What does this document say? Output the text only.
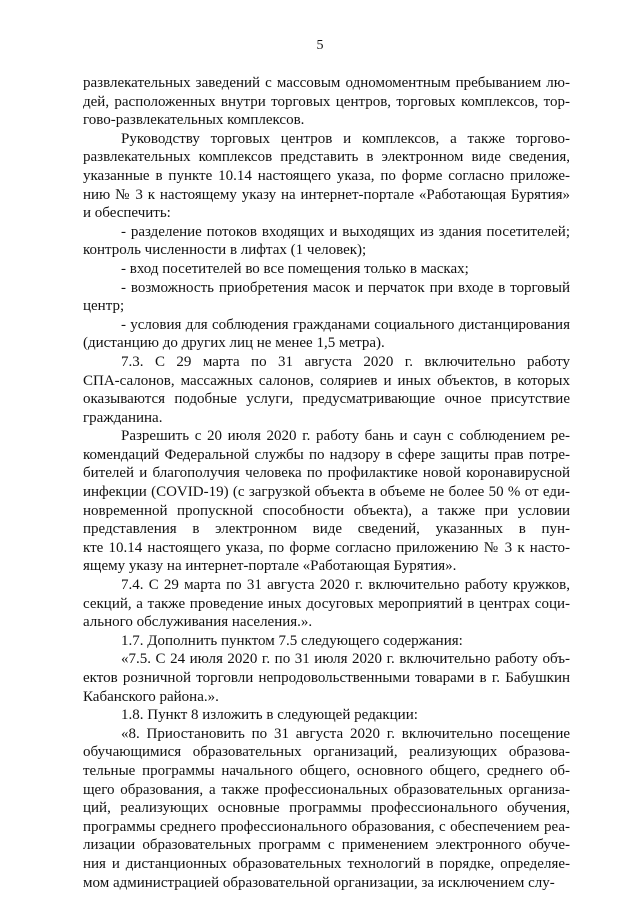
5

развлекательных заведений с массовым одномоментным пребыванием лю-
дей, расположенных внутри торговых центров, торговых комплексов, тор-
гово-развлекательных комплексов.

Руководству торговых центров и комплексов, а также торгово-
развлекательных комплексов представить в электронном виде сведения,
указанные в пункте 10.14 настоящего указа, по форме согласно приложе-
нию № 3 к настоящему указу на интернет-портале «Работающая Бурятия»
и обеспечить:

- разделение потоков входящих и выходящих из здания посетителей;
контроль численности в лифтах (1 человек);

- вход посетителей во все помещения только в масках;

- возможность приобретения масок и перчаток при входе в торговый
центр;

- условия для соблюдения гражданами социального дистанцирования
(дистанцию до других лиц не менее 1,5 метра).

7.3. С 29 марта по 31 августа 2020 г. включительно работу
СПА-салонов, массажных салонов, соляриев и иных объектов, в которых
оказываются подобные услуги, предусматривающие очное присутствие
гражданина.

Разрешить с 20 июля 2020 г. работу бань и саун с соблюдением ре-
комендаций Федеральной службы по надзору в сфере защиты прав потре-
бителей и благополучия человека по профилактике новой коронавирусной
инфекции (COVID-19) (с загрузкой объекта в объеме не более 50 % от еди-
новременной пропускной способности объекта), а также при условии
представления в электронном виде сведений, указанных в пун-
кте 10.14 настоящего указа, по форме согласно приложению № 3 к насто-
ящему указу на интернет-портале «Работающая Бурятия».

7.4. С 29 марта по 31 августа 2020 г. включительно работу кружков,
секций, а также проведение иных досуговых мероприятий в центрах соци-
ального обслуживания населения.».

1.7. Дополнить пунктом 7.5 следующего содержания:

«7.5. С 24 июля 2020 г. по 31 июля 2020 г. включительно работу объ-
ектов розничной торговли непродовольственными товарами в г. Бабушкин
Кабанского района.».

1.8. Пункт 8 изложить в следующей редакции:

«8. Приостановить по 31 августа 2020 г. включительно посещение
обучающимися образовательных организаций, реализующих образова-
тельные программы начального общего, основного общего, среднего об-
щего образования, а также профессиональных образовательных организа-
ций, реализующих основные программы профессионального обучения,
программы среднего профессионального образования, с обеспечением реа-
лизации образовательных программ с применением электронного обуче-
ния и дистанционных образовательных технологий в порядке, определяе-
мом администрацией образовательной организации, за исключением слу-
